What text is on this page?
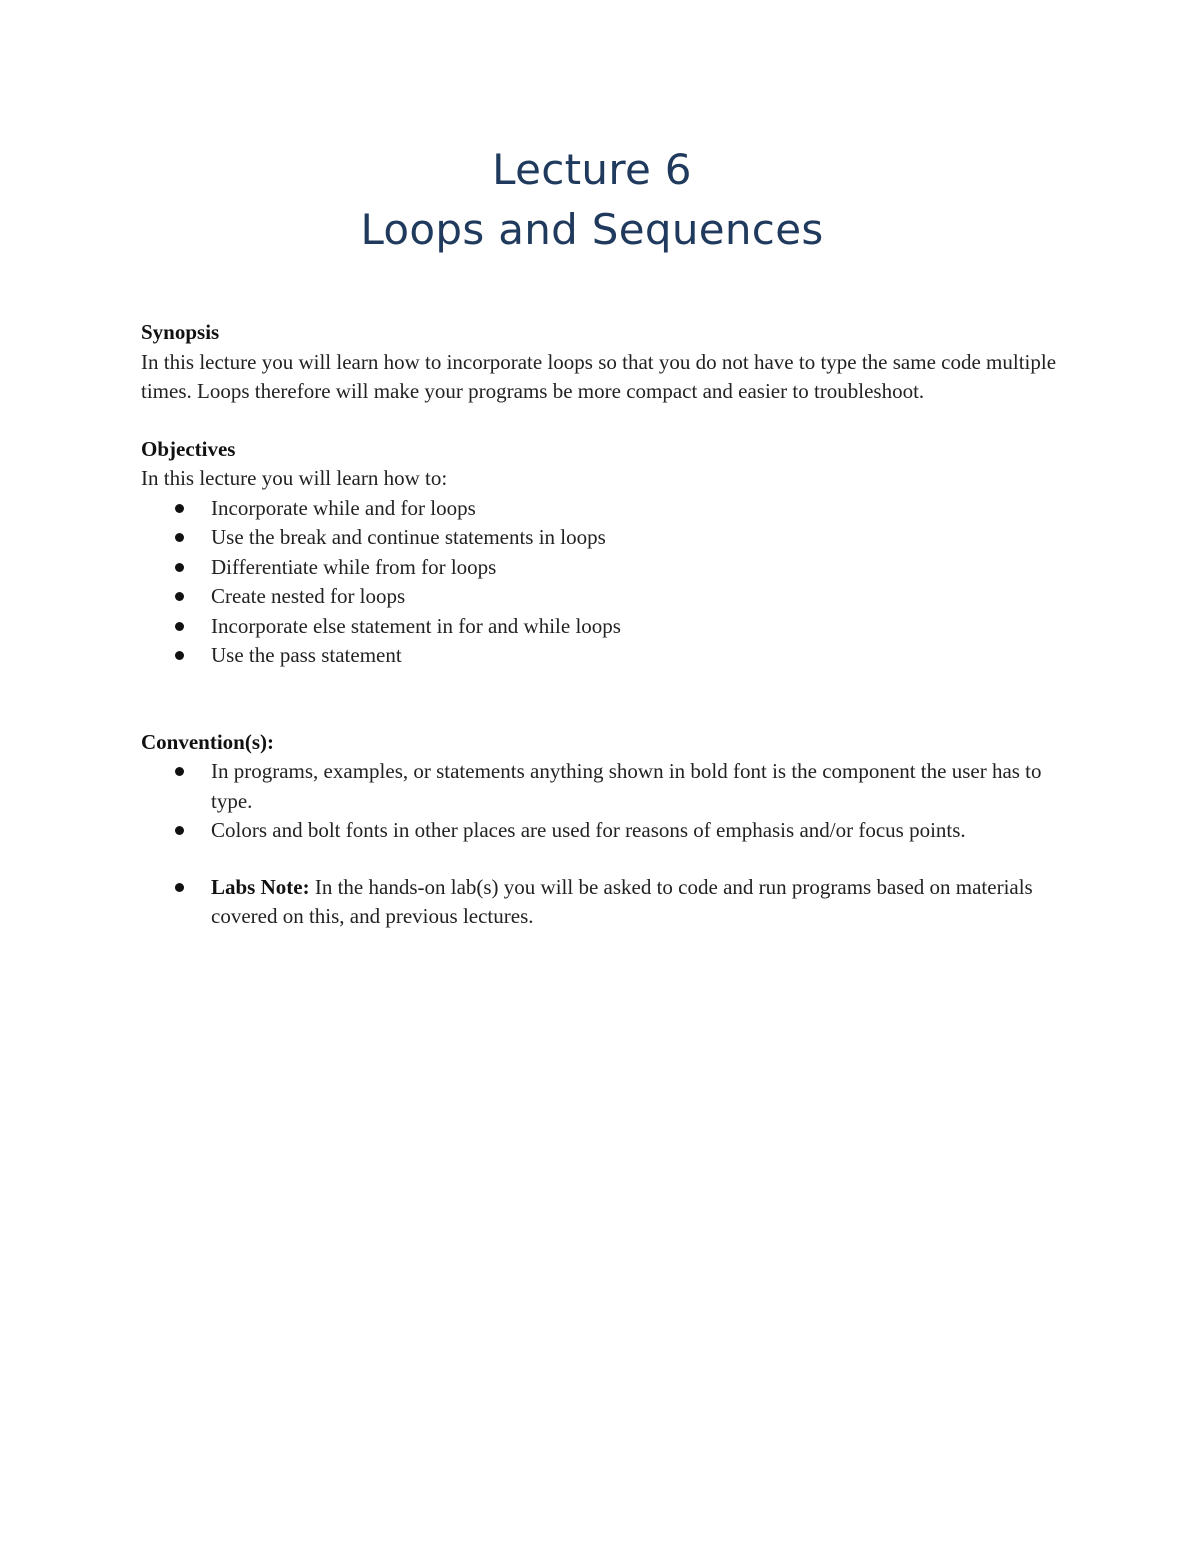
Lecture 6
Loops and Sequences
Synopsis
In this lecture you will learn how to incorporate loops so that you do not have to type the same code multiple times. Loops therefore will make your programs be more compact and easier to troubleshoot.
Objectives
In this lecture you will learn how to:
Incorporate while and for loops
Use the break and continue statements in loops
Differentiate while from for loops
Create nested for loops
Incorporate else statement in for and while loops
Use the pass statement
Convention(s):
In programs, examples, or statements anything shown in bold font is the component the user has to type.
Colors and bolt fonts in other places are used for reasons of emphasis and/or focus points.
Labs Note: In the hands-on lab(s) you will be asked to code and run programs based on materials covered on this, and previous lectures.
